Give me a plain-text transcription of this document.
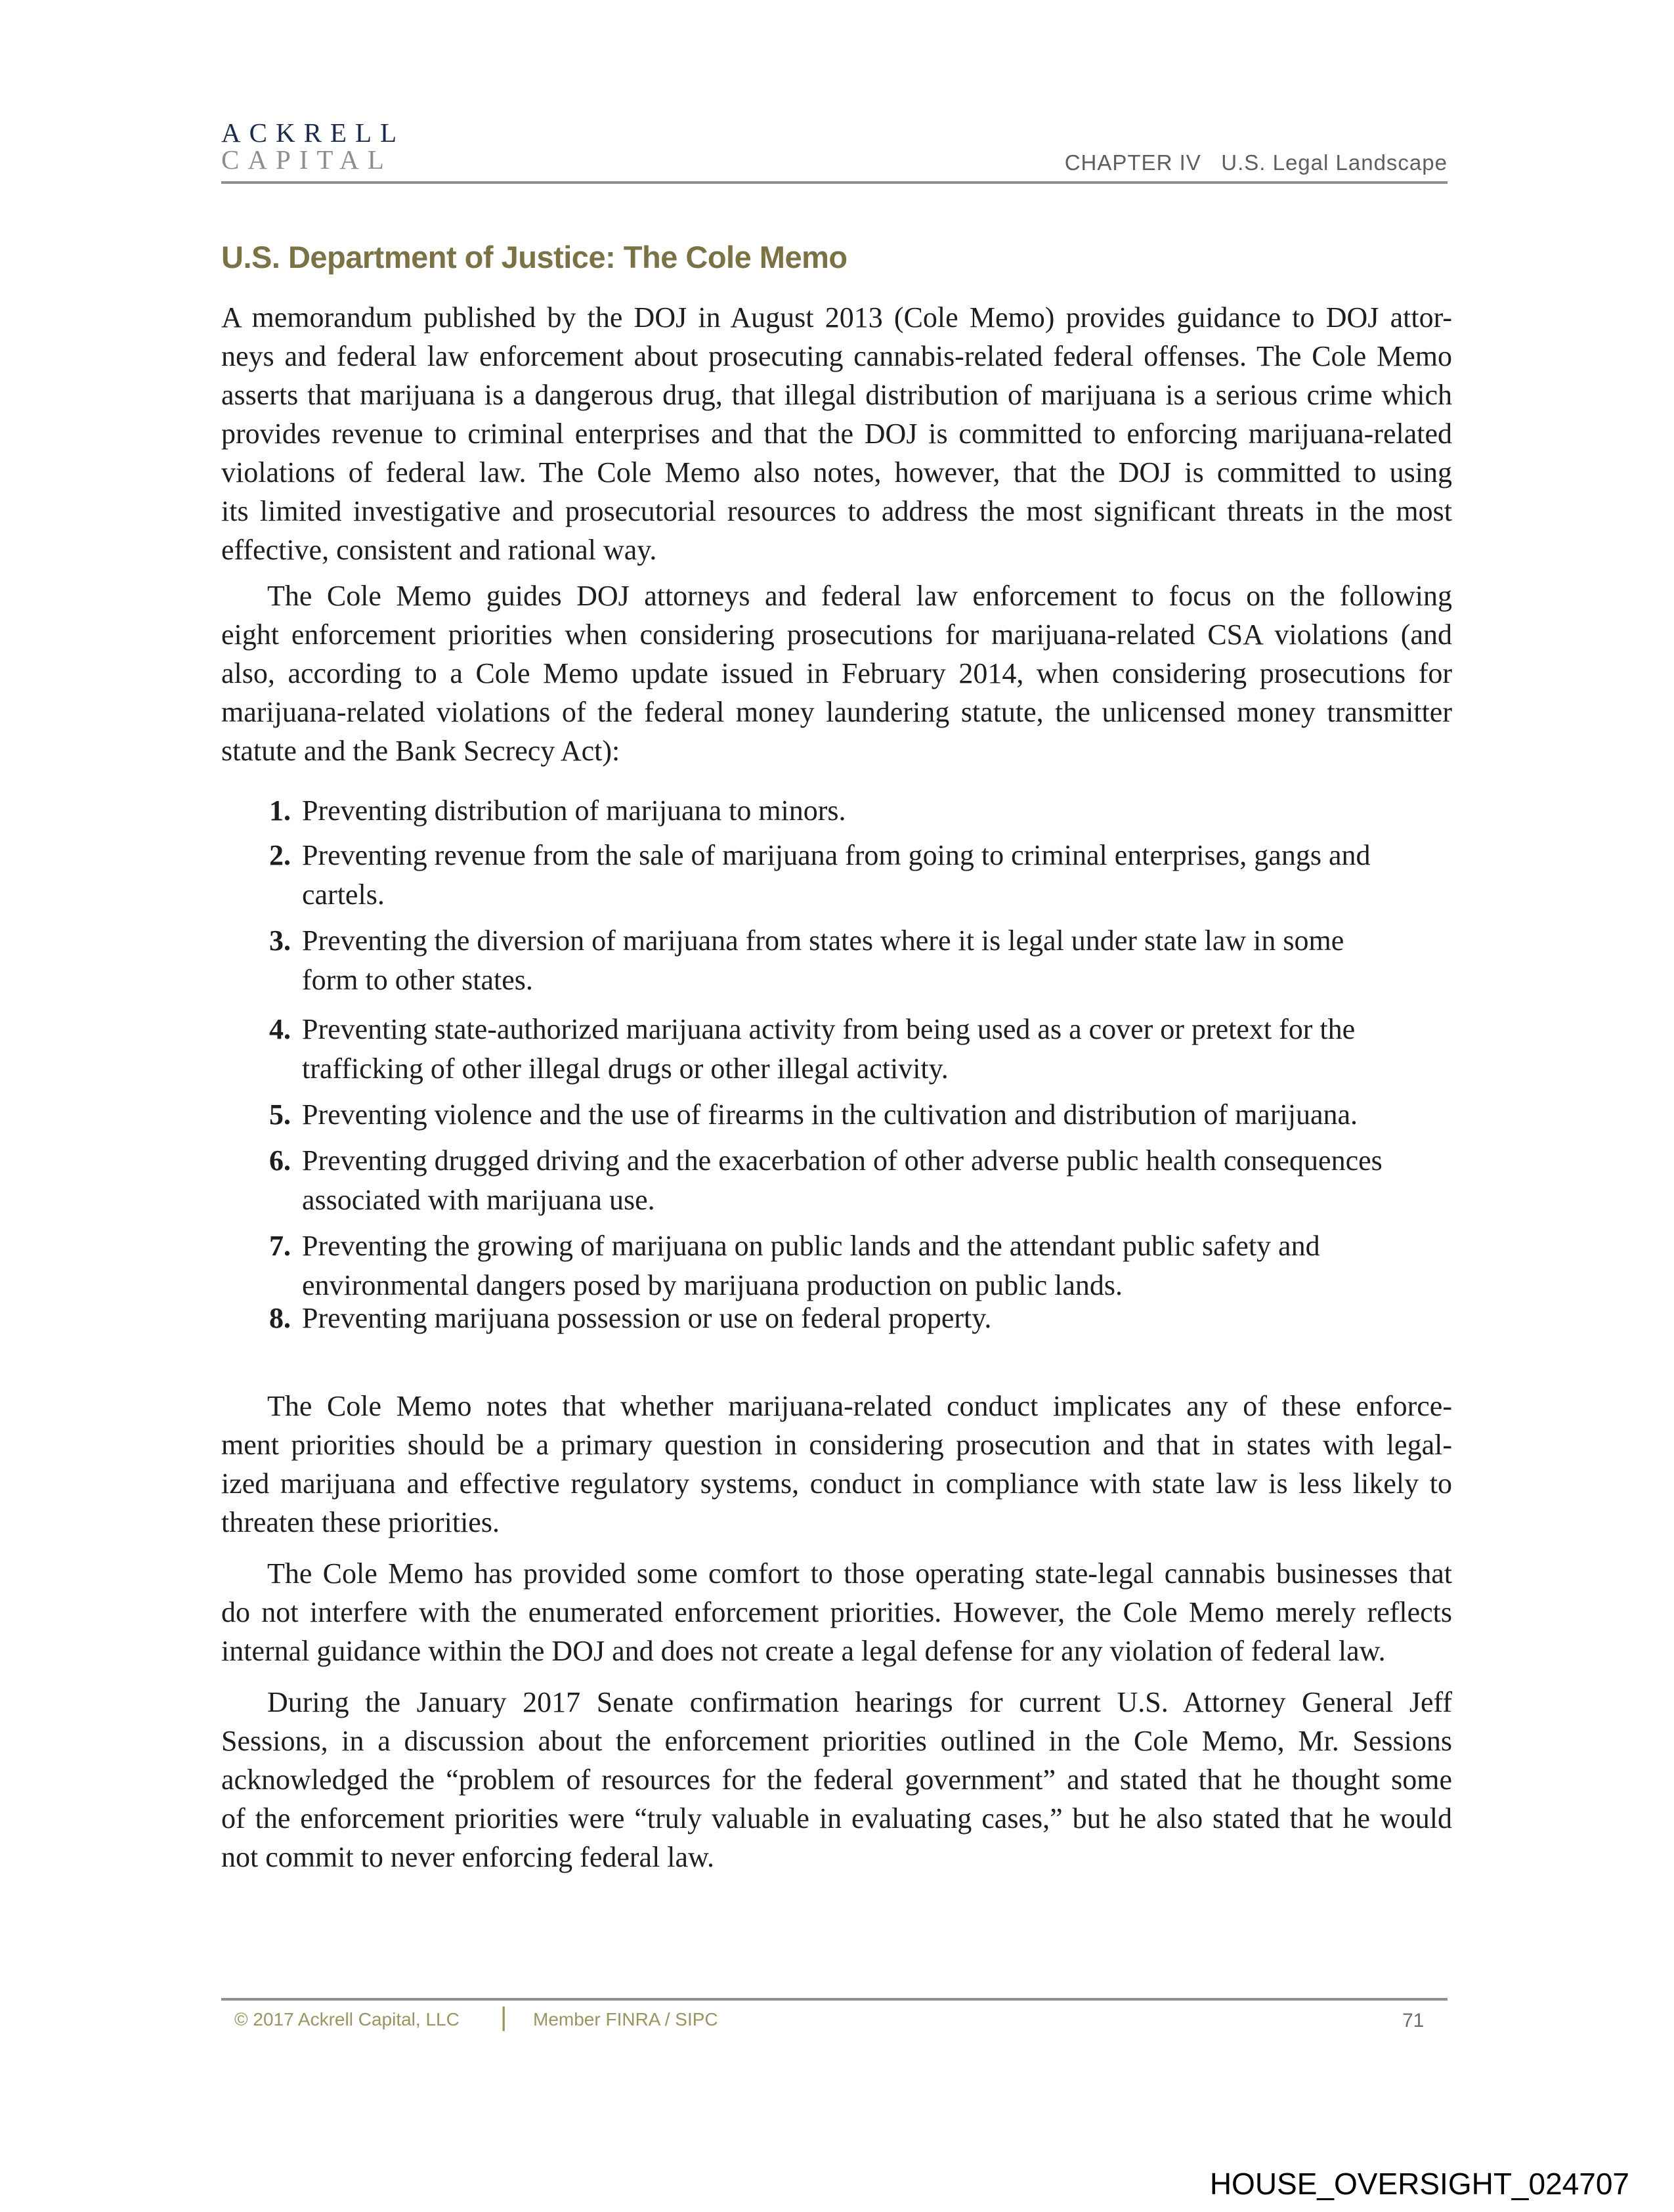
ACKRELL
CAPITAL	CHAPTER IV   U.S. Legal Landscape
U.S. Department of Justice: The Cole Memo
A memorandum published by the DOJ in August 2013 (Cole Memo) provides guidance to DOJ attor-
neys and federal law enforcement about prosecuting cannabis-related federal offenses. The Cole Memo
asserts that marijuana is a dangerous drug, that illegal distribution of marijuana is a serious crime which
provides revenue to criminal enterprises and that the DOJ is committed to enforcing marijuana-related
violations of federal law. The Cole Memo also notes, however, that the DOJ is committed to using
its limited investigative and prosecutorial resources to address the most significant threats in the most
effective, consistent and rational way.
The Cole Memo guides DOJ attorneys and federal law enforcement to focus on the following
eight enforcement priorities when considering prosecutions for marijuana-related CSA violations (and
also, according to a Cole Memo update issued in February 2014, when considering prosecutions for
marijuana-related violations of the federal money laundering statute, the unlicensed money transmitter
statute and the Bank Secrecy Act):
1. Preventing distribution of marijuana to minors.
2. Preventing revenue from the sale of marijuana from going to criminal enterprises, gangs and
cartels.
3. Preventing the diversion of marijuana from states where it is legal under state law in some
form to other states.
4. Preventing state-authorized marijuana activity from being used as a cover or pretext for the
trafficking of other illegal drugs or other illegal activity.
5. Preventing violence and the use of firearms in the cultivation and distribution of marijuana.
6. Preventing drugged driving and the exacerbation of other adverse public health consequences
associated with marijuana use.
7. Preventing the growing of marijuana on public lands and the attendant public safety and
environmental dangers posed by marijuana production on public lands.
8. Preventing marijuana possession or use on federal property.
The Cole Memo notes that whether marijuana-related conduct implicates any of these enforce-
ment priorities should be a primary question in considering prosecution and that in states with legal-
ized marijuana and effective regulatory systems, conduct in compliance with state law is less likely to
threaten these priorities.
The Cole Memo has provided some comfort to those operating state-legal cannabis businesses that
do not interfere with the enumerated enforcement priorities. However, the Cole Memo merely reflects
internal guidance within the DOJ and does not create a legal defense for any violation of federal law.
During the January 2017 Senate confirmation hearings for current U.S. Attorney General Jeff
Sessions, in a discussion about the enforcement priorities outlined in the Cole Memo, Mr. Sessions
acknowledged the “problem of resources for the federal government” and stated that he thought some
of the enforcement priorities were “truly valuable in evaluating cases,” but he also stated that he would
not commit to never enforcing federal law.
© 2017 Ackrell Capital, LLC | Member FINRA / SIPC	71
HOUSE_OVERSIGHT_024707
